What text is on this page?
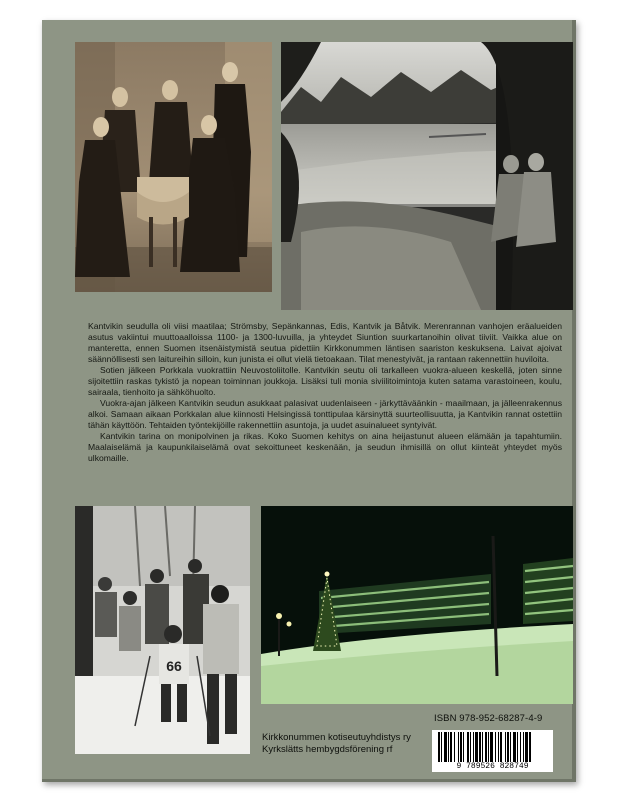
Kantvikin seudulla oli viisi maatilaa; Strömsby, Sepänkannas, Edis, Kantvik ja Båtvik. Merenrannan vanhojen eräalueiden asutus vakiintui muuttoaalloissa 1100- ja 1300-luvuilla, ja yhteydet Siuntion suurkartanoihin olivat tiiviit. Vaikka alue on manteretta, ennen Suomen itsenäistymistä seutua pidettiin Kirkkonummen läntisen saariston keskuksena. Laivat ajoivat säännöllisesti sen laitureihin silloin, kun junista ei ollut vielä tietoakaan. Tilat menestyivät, ja rantaan rakennettiin huviloita.

Sotien jälkeen Porkkala vuokrattiin Neuvostoliitolle. Kantvikin seutu oli tarkalleen vuokra-alueen keskellä, joten sinne sijoitettiin raskas tykistö ja nopean toiminnan joukkoja. Lisäksi tuli monia siviilitoimintoja kuten satama varastoineen, koulu, sairaala, tienhoito ja sähköhuolto.

Vuokra-ajan jälkeen Kantvikin seudun asukkaat palasivat uudenlaiseen - järkyttäväänkin - maailmaan, ja jälleenrakennus alkoi. Samaan aikaan Porkkalan alue kiinnosti Helsingissä tonttipulaa kärsinyttä suurteollisuutta, ja Kantvikin rannat ostettiin tähän käyttöön. Tehtaiden työntekijöille rakennettiin asuntoja, ja uudet asuinalueet syntyivät.

Kantvikin tarina on monipolvinen ja rikas. Koko Suomen kehitys on aina heijastunut alueen elämään ja tapahtumiin. Maalaiselämä ja kaupunkilaiselämä ovat sekoittuneet keskenään, ja seudun ihmisillä on ollut kiinteät yhteydet myös ulkomaille.

66
ISBN 978-952-68287-4-9
Kirkkonummen kotiseutuyhdistys ry
Kyrkslätts hembygdsförening rf
9 789526 828749
